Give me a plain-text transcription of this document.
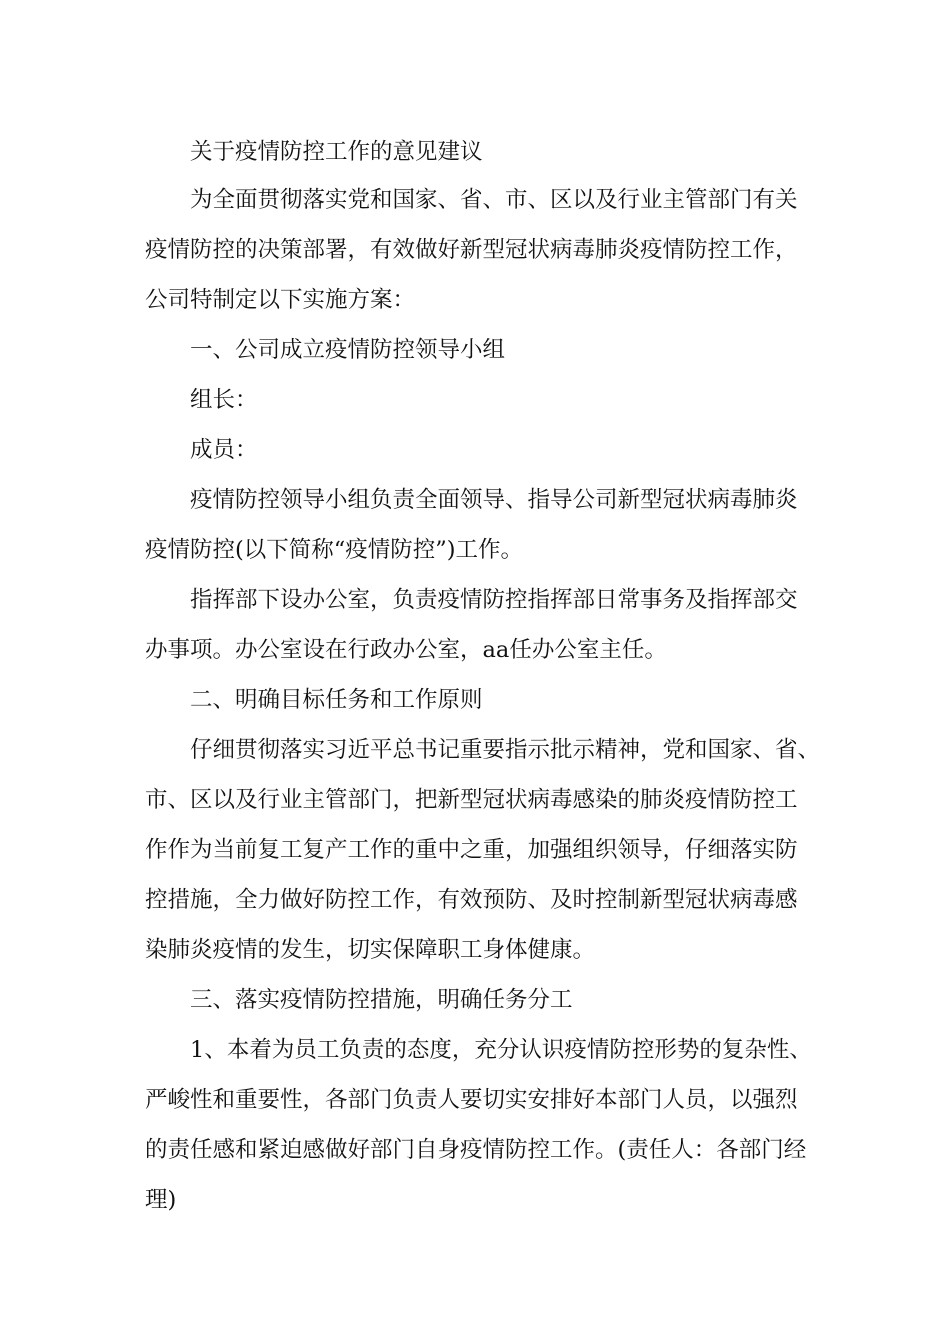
关于疫情防控工作的意见建议
为全面贯彻落实党和国家、省、市、区以及行业主管部门有关
疫情防控的决策部署，有效做好新型冠状病毒肺炎疫情防控工作，
公司特制定以下实施方案：
一、公司成立疫情防控领导小组
组长：
成员：
疫情防控领导小组负责全面领导、指导公司新型冠状病毒肺炎
疫情防控(以下简称“疫情防控”)工作。
指挥部下设办公室，负责疫情防控指挥部日常事务及指挥部交
办事项。办公室设在行政办公室，aa任办公室主任。
二、明确目标任务和工作原则
仔细贯彻落实习近平总书记重要指示批示精神，党和国家、省、
市、区以及行业主管部门，把新型冠状病毒感染的肺炎疫情防控工
作作为当前复工复产工作的重中之重，加强组织领导，仔细落实防
控措施，全力做好防控工作，有效预防、及时控制新型冠状病毒感
染肺炎疫情的发生，切实保障职工身体健康。
三、落实疫情防控措施，明确任务分工
1、本着为员工负责的态度，充分认识疫情防控形势的复杂性、
严峻性和重要性，各部门负责人要切实安排好本部门人员，以强烈
的责任感和紧迫感做好部门自身疫情防控工作。(责任人：各部门经
理)
